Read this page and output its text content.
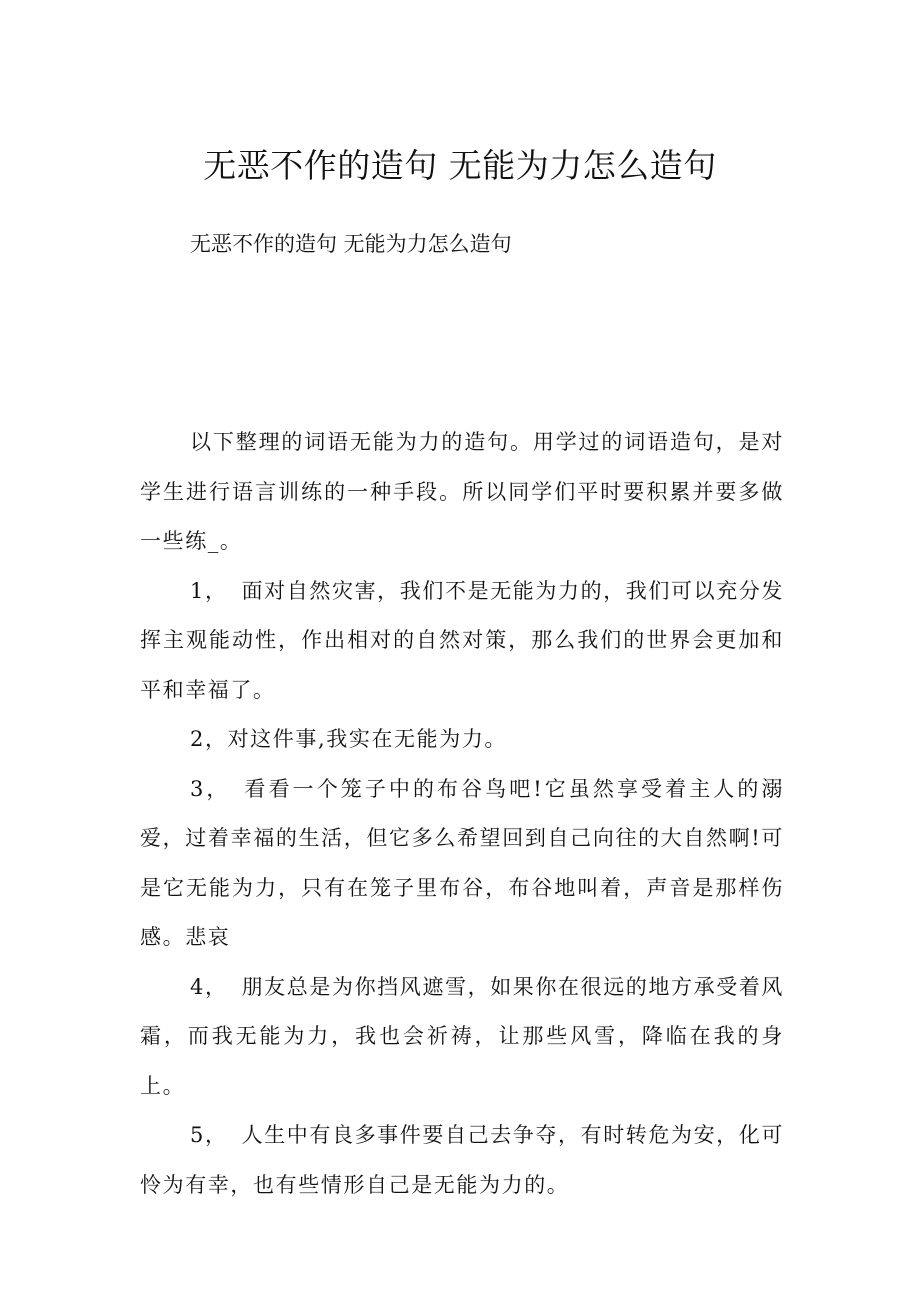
无恶不作的造句 无能为力怎么造句

无恶不作的造句 无能为力怎么造句

以下整理的词语无能为力的造句。用学过的词语造句，是对学生进行语言训练的一种手段。所以同学们平时要积累并要多做一些练_。

1， 面对自然灾害，我们不是无能为力的，我们可以充分发挥主观能动性，作出相对的自然对策，那么我们的世界会更加和平和幸福了。

2，对这件事,我实在无能为力。

3， 看看一个笼子中的布谷鸟吧!它虽然享受着主人的溺爱，过着幸福的生活，但它多么希望回到自己向往的大自然啊!可是它无能为力，只有在笼子里布谷，布谷地叫着，声音是那样伤感。悲哀

4， 朋友总是为你挡风遮雪，如果你在很远的地方承受着风霜，而我无能为力，我也会祈祷，让那些风雪，降临在我的身上。

5， 人生中有良多事件要自己去争夺，有时转危为安，化可怜为有幸，也有些情形自己是无能为力的。
